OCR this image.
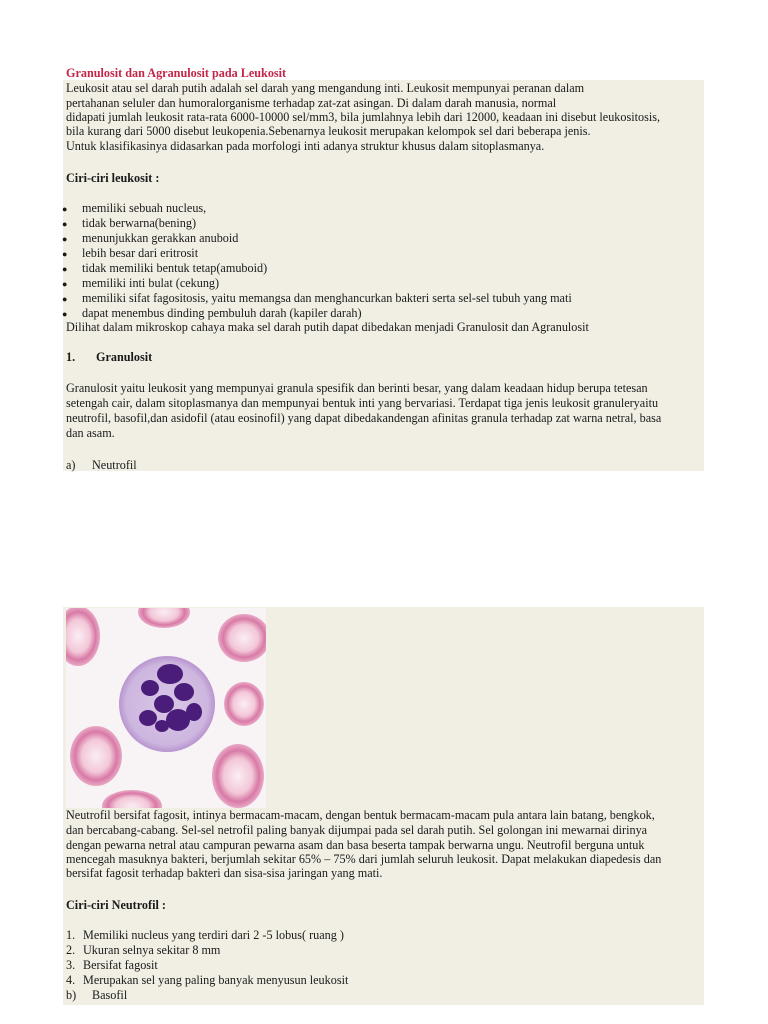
Granulosit dan Agranulosit pada Leukosit
Leukosit atau sel darah putih adalah sel darah yang mengandung inti. Leukosit mempunyai peranan dalam
pertahanan seluler dan humoralorganisme terhadap zat-zat asingan. Di dalam darah manusia, normal
didapati jumlah leukosit rata-rata 6000-10000 sel/mm3, bila jumlahnya lebih dari 12000, keadaan ini disebut leukositosis,
bila kurang dari 5000 disebut leukopenia.Sebenarnya leukosit merupakan kelompok sel dari beberapa jenis.
Untuk klasifikasinya didasarkan pada morfologi inti adanya struktur khusus dalam sitoplasmanya.
Ciri-ciri leukosit :
● memiliki sebuah nucleus,
● tidak berwarna(bening)
● menunjukkan gerakkan anuboid
● lebih besar dari eritrosit
● tidak memiliki bentuk tetap(amuboid)
● memiliki inti bulat (cekung)
● memiliki sifat fagositosis, yaitu memangsa dan menghancurkan bakteri serta sel-sel tubuh yang mati
● dapat menembus dinding pembuluh darah (kapiler darah)
Dilihat dalam mikroskop cahaya maka sel darah putih dapat dibedakan menjadi Granulosit dan Agranulosit
1. Granulosit
Granulosit yaitu leukosit yang mempunyai granula spesifik dan berinti besar, yang dalam keadaan hidup berupa tetesan
setengah cair, dalam sitoplasmanya dan mempunyai bentuk inti yang bervariasi. Terdapat tiga jenis leukosit granuleryaitu
neutrofil, basofil,dan asidofil (atau eosinofil) yang dapat dibedakandengan afinitas granula terhadap zat warna netral, basa
dan asam.
a) Neutrofil
Neutrofil bersifat fagosit, intinya bermacam-macam, dengan bentuk bermacam-macam pula antara lain batang, bengkok,
dan bercabang-cabang. Sel-sel netrofil paling banyak dijumpai pada sel darah putih. Sel golongan ini mewarnai dirinya
dengan pewarna netral atau campuran pewarna asam dan basa beserta tampak berwarna ungu. Neutrofil berguna untuk
mencegah masuknya bakteri, berjumlah sekitar 65% – 75% dari jumlah seluruh leukosit. Dapat melakukan diapedesis dan
bersifat fagosit terhadap bakteri dan sisa-sisa jaringan yang mati.
Ciri-ciri Neutrofil :
1. Memiliki nucleus yang terdiri dari 2 -5 lobus( ruang )
2. Ukuran selnya sekitar 8 mm
3. Bersifat fagosit
4. Merupakan sel yang paling banyak menyusun leukosit
b) Basofil
